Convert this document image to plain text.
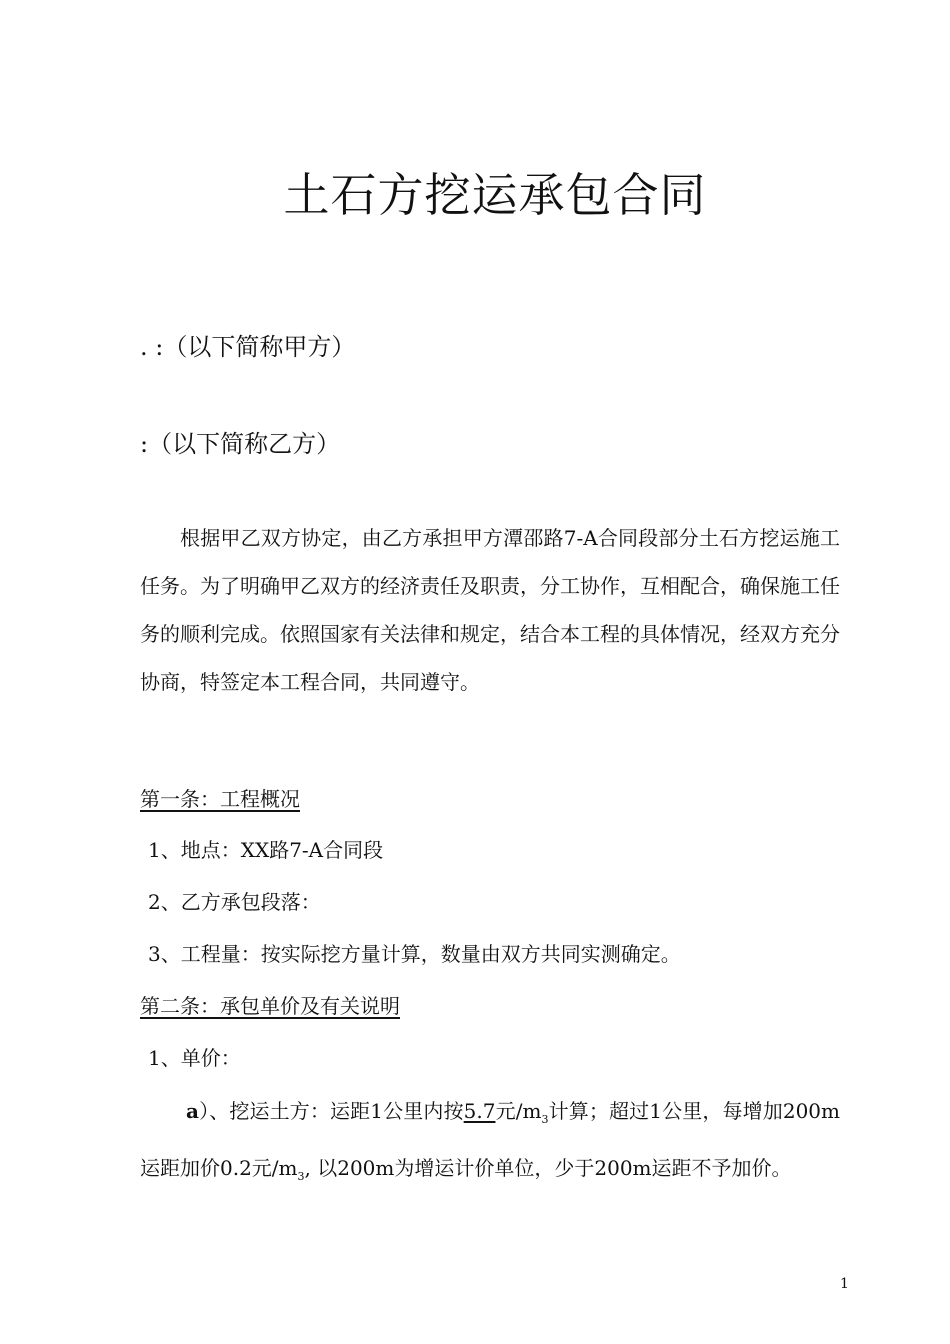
土石方挖运承包合同
. :（以下简称甲方）
:（以下简称乙方）

根据甲乙双方协定，由乙方承担甲方潭邵路7-A合同段部分土石方挖运施工任务。为了明确甲乙双方的经济责任及职责，分工协作，互相配合，确保施工任务的顺利完成。依照国家有关法律和规定，结合本工程的具体情况，经双方充分协商，特签定本工程合同，共同遵守。

第一条：工程概况
1、地点：XX路7-A合同段
2、乙方承包段落：
3、工程量：按实际挖方量计算，数量由双方共同实测确定。
第二条：承包单价及有关说明
1、单价：

a）、挖运土方：运距1公里内按5.7元$/m_3$计算；超过1公里，每增加200m运距加价0.2元$/m_3$, 以200m为增运计价单位，少于200m运距不予加价。

1
